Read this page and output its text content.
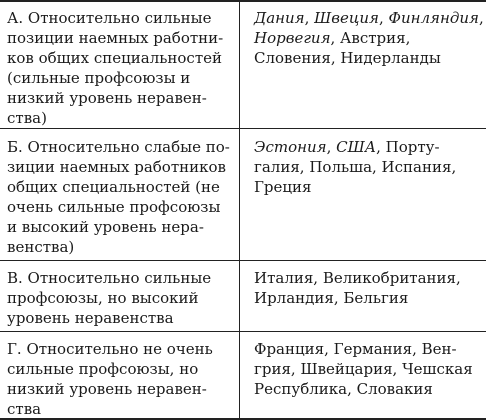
А. Относительно сильные
позиции наемных работни-
ков общих специальностей
(сильные профсоюзы и
низкий уровень неравен-
ства)
Дания, Швеция, Финляндия,
Норвегия, Австрия,
Словения, Нидерланды
Б. Относительно слабые по-
зиции наемных работников
общих специальностей (не
очень сильные профсоюзы
и высокий уровень нера-
венства)
Эстония, США, Порту-
галия, Польша, Испания,
Греция
В. Относительно сильные
профсоюзы, но высокий
уровень неравенства
Италия, Великобритания,
Ирландия, Бельгия
Г. Относительно не очень
сильные профсоюзы, но
низкий уровень неравен-
ства
Франция, Германия, Вен-
грия, Швейцария, Чешская
Республика, Словакия
